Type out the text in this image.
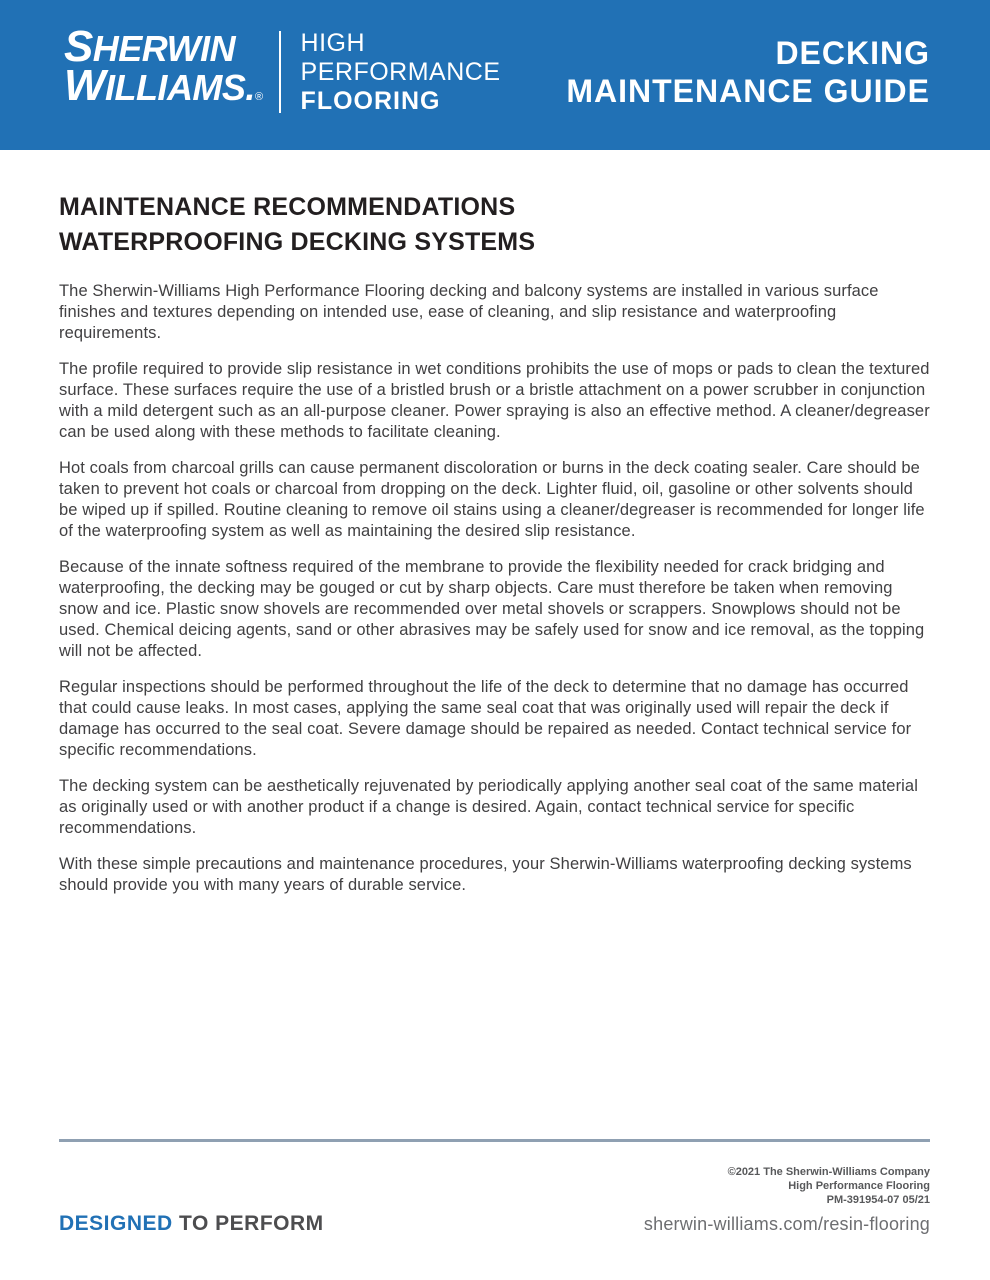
SHERWIN
WILLIAMS.®
HIGH
PERFORMANCE
FLOORING
DECKING
MAINTENANCE GUIDE
MAINTENANCE RECOMMENDATIONS
WATERPROOFING DECKING SYSTEMS

The Sherwin-Williams High Performance Flooring decking and balcony systems are installed in various surface finishes and textures depending on intended use, ease of cleaning, and slip resistance and waterproofing requirements.

The profile required to provide slip resistance in wet conditions prohibits the use of mops or pads to clean the textured surface. These surfaces require the use of a bristled brush or a bristle attachment on a power scrubber in conjunction with a mild detergent such as an all-purpose cleaner. Power spraying is also an effective method. A cleaner/degreaser can be used along with these methods to facilitate cleaning.

Hot coals from charcoal grills can cause permanent discoloration or burns in the deck coating sealer. Care should be taken to prevent hot coals or charcoal from dropping on the deck. Lighter fluid, oil, gasoline or other solvents should be wiped up if spilled. Routine cleaning to remove oil stains using a cleaner/degreaser is recommended for longer life of the waterproofing system as well as maintaining the desired slip resistance.

Because of the innate softness required of the membrane to provide the flexibility needed for crack bridging and waterproofing, the decking may be gouged or cut by sharp objects. Care must therefore be taken when removing snow and ice. Plastic snow shovels are recommended over metal shovels or scrappers. Snowplows should not be used. Chemical deicing agents, sand or other abrasives may be safely used for snow and ice removal, as the topping will not be affected.

Regular inspections should be performed throughout the life of the deck to determine that no damage has occurred that could cause leaks. In most cases, applying the same seal coat that was originally used will repair the deck if damage has occurred to the seal coat. Severe damage should be repaired as needed. Contact technical service for specific recommendations.

The decking system can be aesthetically rejuvenated by periodically applying another seal coat of the same material as originally used or with another product if a change is desired. Again, contact technical service for specific recommendations.

With these simple precautions and maintenance procedures, your Sherwin-Williams waterproofing decking systems should provide you with many years of durable service.

©2021 The Sherwin-Williams Company
High Performance Flooring
PM-391954-07 05/21
DESIGNED TO PERFORM	sherwin-williams.com/resin-flooring
